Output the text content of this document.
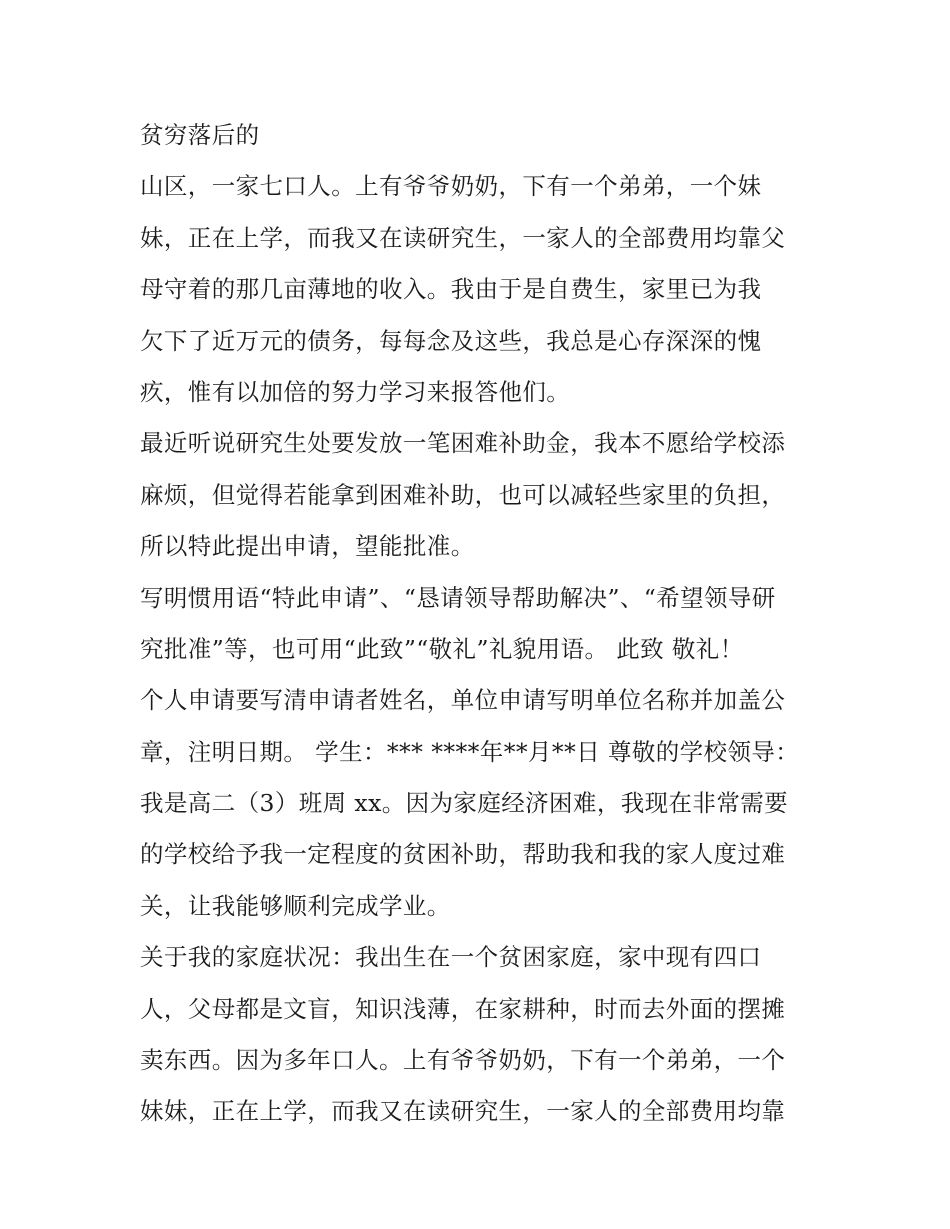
贫穷落后的
山区，一家七口人。上有爷爷奶奶，下有一个弟弟，一个妹
妹，正在上学，而我又在读研究生，一家人的全部费用均靠父
母守着的那几亩薄地的收入。我由于是自费生，家里已为我
欠下了近万元的债务，每每念及这些，我总是心存深深的愧
疚，惟有以加倍的努力学习来报答他们。
最近听说研究生处要发放一笔困难补助金，我本不愿给学校添
麻烦，但觉得若能拿到困难补助，也可以减轻些家里的负担，
所以特此提出申请，望能批准。
写明惯用语“特此申请”、“恳请领导帮助解决”、“希望领导研
究批准”等，也可用“此致”“敬礼”礼貌用语。 此致 敬礼！
个人申请要写清申请者姓名，单位申请写明单位名称并加盖公
章，注明日期。 学生：*** ****年**月**日 尊敬的学校领导：
我是高二（3）班周 xx。因为家庭经济困难，我现在非常需要
的学校给予我一定程度的贫困补助，帮助我和我的家人度过难
关，让我能够顺利完成学业。
关于我的家庭状况：我出生在一个贫困家庭，家中现有四口
人，父母都是文盲，知识浅薄，在家耕种，时而去外面的摆摊
卖东西。因为多年口人。上有爷爷奶奶，下有一个弟弟，一个
妹妹，正在上学，而我又在读研究生，一家人的全部费用均靠
